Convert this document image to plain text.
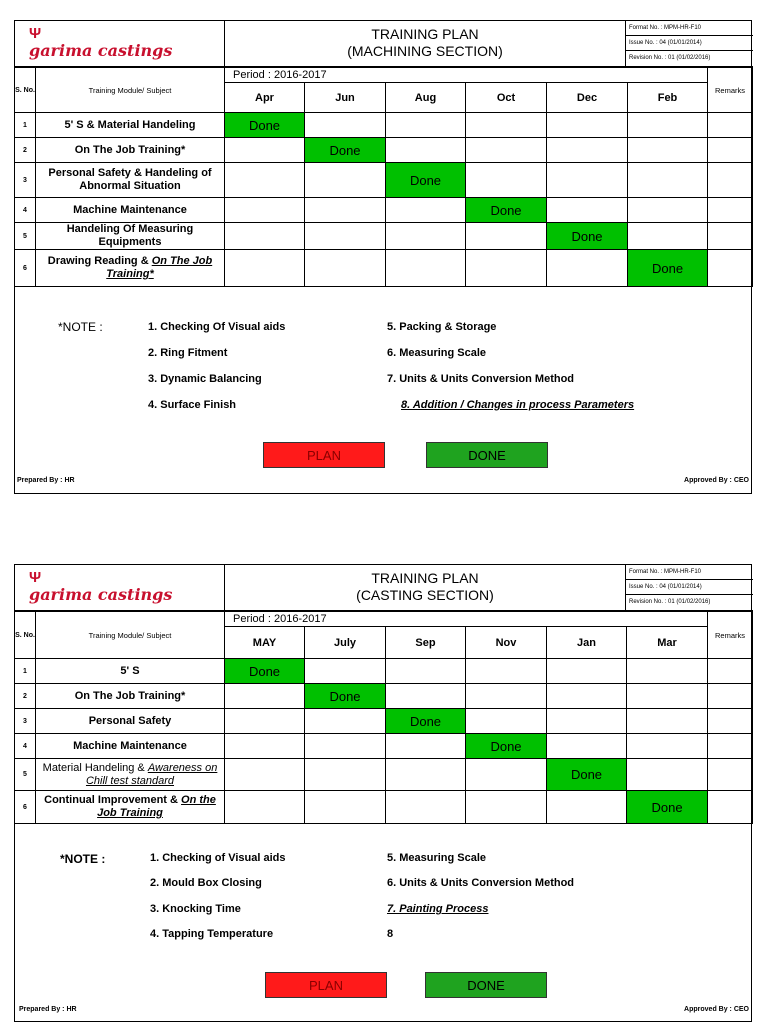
Ψ
garima castings
TRAINING PLAN
(MACHINING SECTION)
Format No. : MPM-HR-F10
Issue No. : 04 (01/01/2014)
Revision No. : 01 (01/02/2016)
S. No.	Training Module/ Subject	Period : 2016-2017						Remarks
		Apr	Jun	Aug	Oct	Dec	Feb	
1	5' S & Material Handeling	Done						
2	On The Job Training*		Done					
3	Personal Safety & Handeling of Abnormal Situation			Done				
4	Machine Maintenance				Done			
5	Handeling Of Measuring Equipments					Done		
6	Drawing Reading & On The Job Training*						Done	
*NOTE :	1. Checking Of Visual aids
2. Ring Fitment
3. Dynamic Balancing
4. Surface Finish
5. Packing & Storage
6. Measuring Scale
7. Units & Units Conversion Method
8. Addition / Changes in process Parameters
PLAN	DONE
Prepared By : HR	Approved By : CEO
Ψ
garima castings
TRAINING PLAN
(CASTING SECTION)
Format No. : MPM-HR-F10
Issue No. : 04 (01/01/2014)
Revision No. : 01 (01/02/2016)
S. No.	Training Module/ Subject	Period : 2016-2017						Remarks
		MAY	July	Sep	Nov	Jan	Mar	
1	5' S	Done						
2	On The Job Training*		Done					
3	Personal Safety			Done				
4	Machine Maintenance				Done			
5	Material Handeling & Awareness on Chill test standard					Done		
6	Continual Improvement & On the Job Training						Done	
*NOTE :	1. Checking of Visual aids
2. Mould Box Closing
3. Knocking Time
4. Tapping Temperature
5. Measuring Scale
6. Units & Units Conversion Method
7. Painting Process
8
PLAN	DONE
Prepared By : HR	Approved By : CEO
